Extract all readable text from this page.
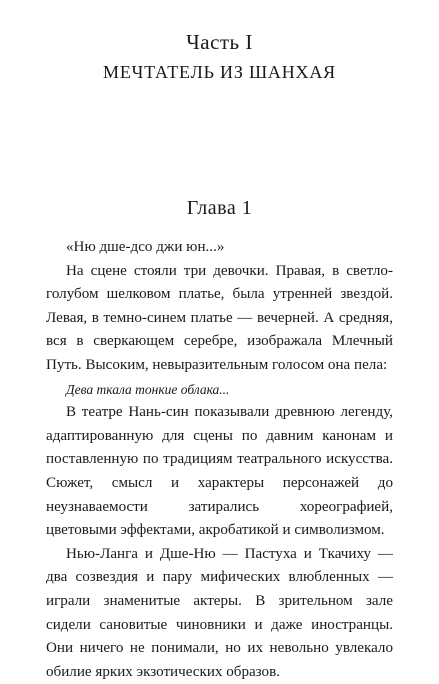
Часть I
МЕЧТАТЕЛЬ ИЗ ШАНХАЯ
Глава 1

«Ню дше-дсо джи юн...»

На сцене стояли три девочки. Правая, в светло-голубом шелковом платье, была утренней звездой. Левая, в темно-синем платье — вечерней. А средняя, вся в сверкающем серебре, изображала Млечный Путь. Высоким, невыразительным голосом она пела:

Дева ткала тонкие облака...

В театре Нань-син показывали древнюю легенду, адаптированную для сцены по давним канонам и поставленную по традициям театрального искусства. Сюжет, смысл и характеры персонажей до неузнаваемости затирались хореографией, цветовыми эффектами, акробатикой и символизмом.

Нью-Ланга и Дше-Ню — Пастуха и Ткачиху — два созвездия и пару мифических влюбленных — играли знаменитые актеры. В зрительном зале сидели сановитые чиновники и даже иностранцы. Они ничего не понимали, но их невольно увлекало обилие ярких экзотических образов.
